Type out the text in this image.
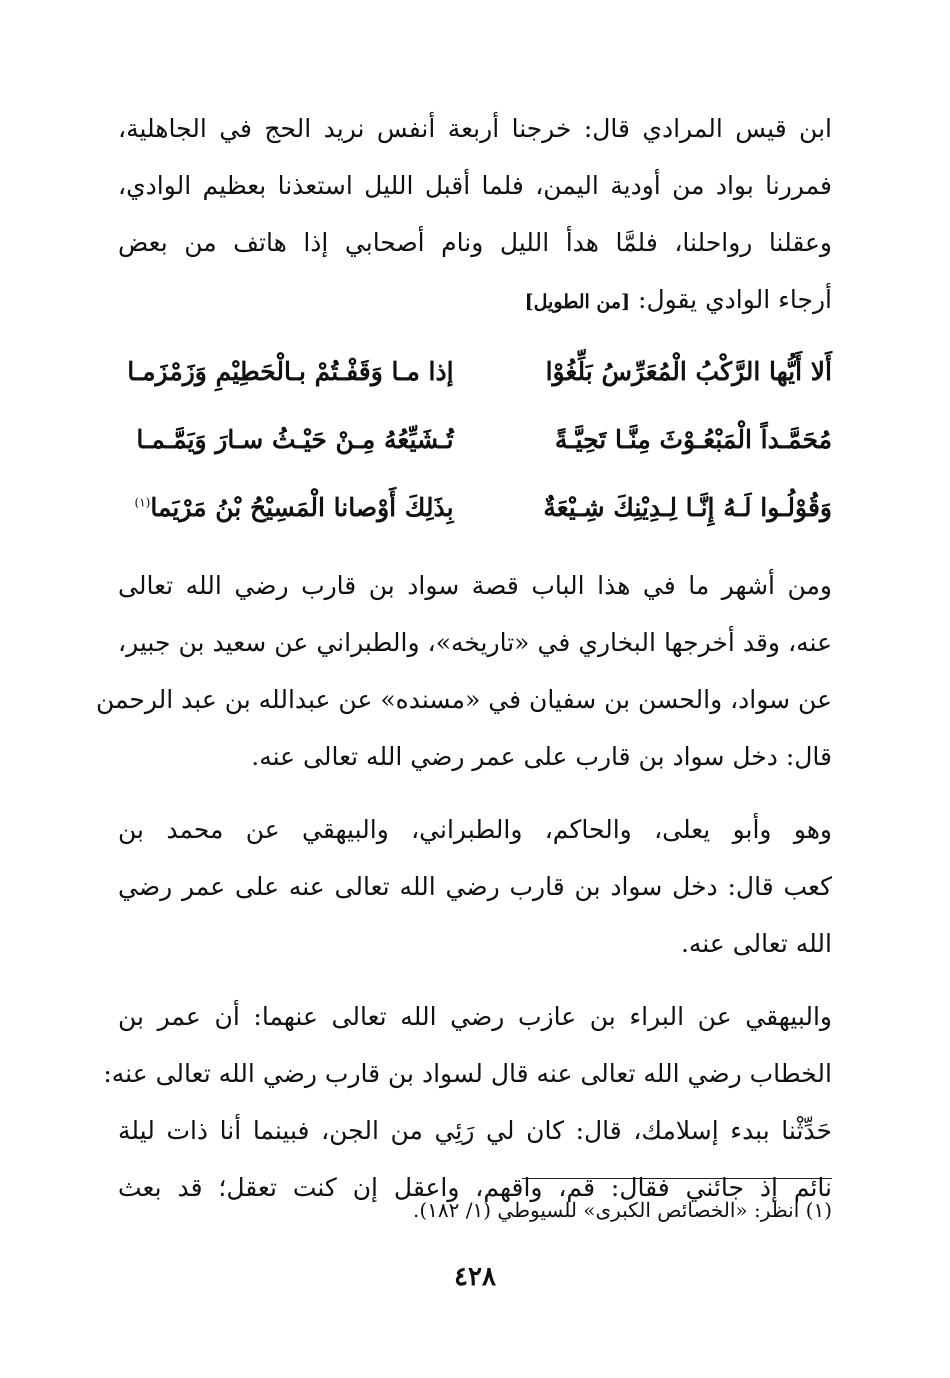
ابن قيس المرادي قال: خرجنا أربعة أنفس نريد الحج في الجاهلية،
فمررنا بواد من أودية اليمن، فلما أقبل الليل استعذنا بعظيم الوادي،
وعقلنا رواحلنا، فلمَّا هدأ الليل ونام أصحابي إذا هاتف من بعض
أرجاء الوادي يقول: [من الطويل]
أَلا أَيُّها الرَّكْبُ الْمُعَرِّسُ بَلِّغُوْا
إذا مـا وَقَفْـتُمْ بـالْحَطِيْمِ وَزَمْزَمـا
مُحَمَّـداً الْمَبْعُـوْثَ مِنَّـا تَحِيَّـةً
تُـشَيِّعُهُ مِـنْ حَيْـثُ سـارَ وَيَمَّـمـا
وَقُوْلُـوا لَـهُ إِنَّـا لِـدِيْنِكَ شِـيْعَةٌ
بِذَلِكَ أَوْصانا الْمَسِيْحُ بْنُ مَرْيَما$^{(١)}$
ومن أشهر ما في هذا الباب قصة سواد بن قارب رضي الله تعالى
عنه، وقد أخرجها البخاري في «تاريخه»، والطبراني عن سعيد بن جبير،
عن سواد، والحسن بن سفيان في «مسنده» عن عبدالله بن عبد الرحمن
قال: دخل سواد بن قارب على عمر رضي الله تعالى عنه.
وهو وأبو يعلى، والحاكم، والطبراني، والبيهقي عن محمد بن
كعب قال: دخل سواد بن قارب رضي الله تعالى عنه على عمر رضي
الله تعالى عنه.
والبيهقي عن البراء بن عازب رضي الله تعالى عنهما: أن عمر بن
الخطاب رضي الله تعالى عنه قال لسواد بن قارب رضي الله تعالى عنه:
حَدِّثْنا ببدء إسلامك، قال: كان لي رَئِي من الجن، فبينما أنا ذات ليلة
نائم إذ جائني فقال: قم، واقهم، واعقل إن كنت تعقل؛ قد بعث
(١) انظر: «الخصائص الكبرى» للسيوطي (١/ ١٨٢).
٤٢٨
